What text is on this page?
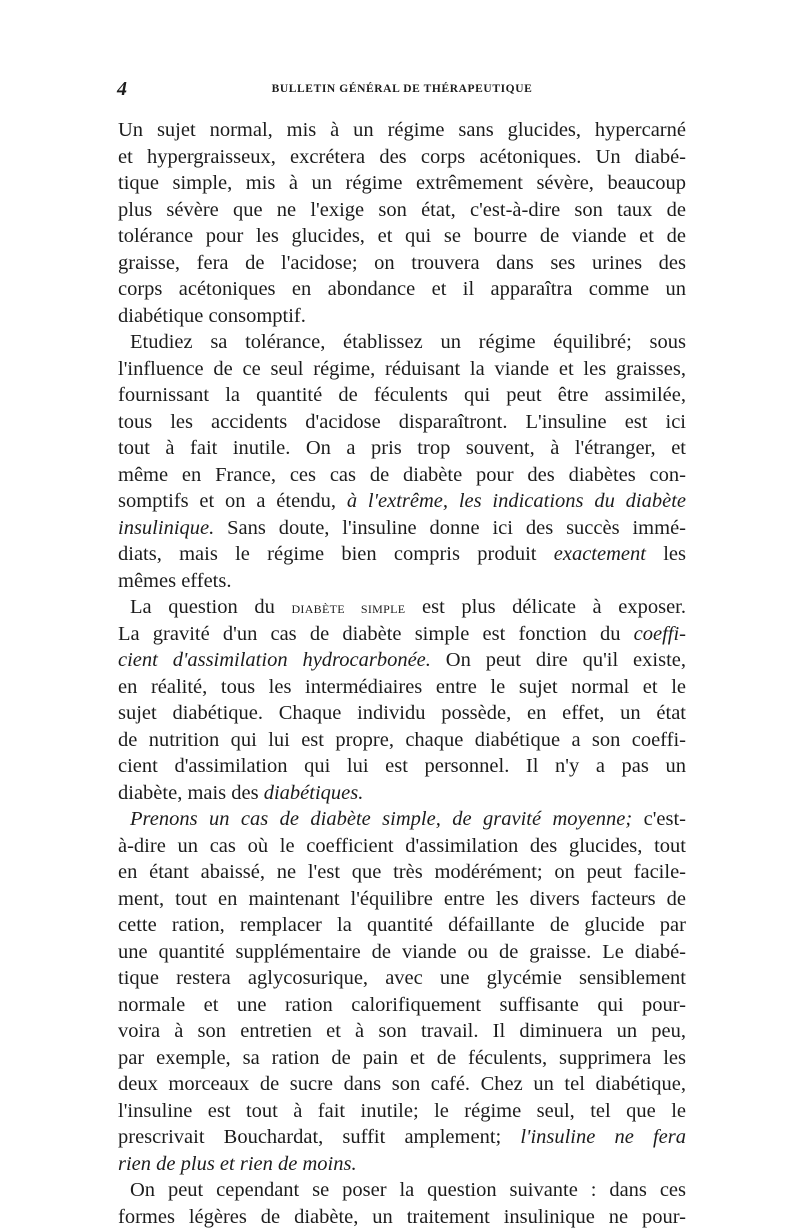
4	BULLETIN GÉNÉRAL DE THÉRAPEUTIQUE
Un sujet normal, mis à un régime sans glucides, hypercarné
et hypergraisseux, excrétera des corps acétoniques. Un diabé-
tique simple, mis à un régime extrêmement sévère, beaucoup
plus sévère que ne l'exige son état, c'est-à-dire son taux de
tolérance pour les glucides, et qui se bourre de viande et de
graisse, fera de l'acidose; on trouvera dans ses urines des
corps acétoniques en abondance et il apparaîtra comme un
diabétique consomptif.
Etudiez sa tolérance, établissez un régime équilibré; sous
l'influence de ce seul régime, réduisant la viande et les graisses,
fournissant la quantité de féculents qui peut être assimilée,
tous les accidents d'acidose disparaîtront. L'insuline est ici
tout à fait inutile. On a pris trop souvent, à l'étranger, et
même en France, ces cas de diabète pour des diabètes con-
somptifs et on a étendu, à l'extrême, les indications du diabète
insulinique. Sans doute, l'insuline donne ici des succès immé-
diats, mais le régime bien compris produit exactement les
mêmes effets.
La question du diabète simple est plus délicate à exposer.
La gravité d'un cas de diabète simple est fonction du coeffi-
cient d'assimilation hydrocarbonée. On peut dire qu'il existe,
en réalité, tous les intermédiaires entre le sujet normal et le
sujet diabétique. Chaque individu possède, en effet, un état
de nutrition qui lui est propre, chaque diabétique a son coeffi-
cient d'assimilation qui lui est personnel. Il n'y a pas un
diabète, mais des diabétiques.
Prenons un cas de diabète simple, de gravité moyenne; c'est-
à-dire un cas où le coefficient d'assimilation des glucides, tout
en étant abaissé, ne l'est que très modérément; on peut facile-
ment, tout en maintenant l'équilibre entre les divers facteurs de
cette ration, remplacer la quantité défaillante de glucide par
une quantité supplémentaire de viande ou de graisse. Le diabé-
tique restera aglycosurique, avec une glycémie sensiblement
normale et une ration calorifiquement suffisante qui pour-
voira à son entretien et à son travail. Il diminuera un peu,
par exemple, sa ration de pain et de féculents, supprimera les
deux morceaux de sucre dans son café. Chez un tel diabétique,
l'insuline est tout à fait inutile; le régime seul, tel que le
prescrivait Bouchardat, suffit amplement; l'insuline ne fera
rien de plus et rien de moins.
On peut cependant se poser la question suivante : dans ces
formes légères de diabète, un traitement insulinique ne pour-
